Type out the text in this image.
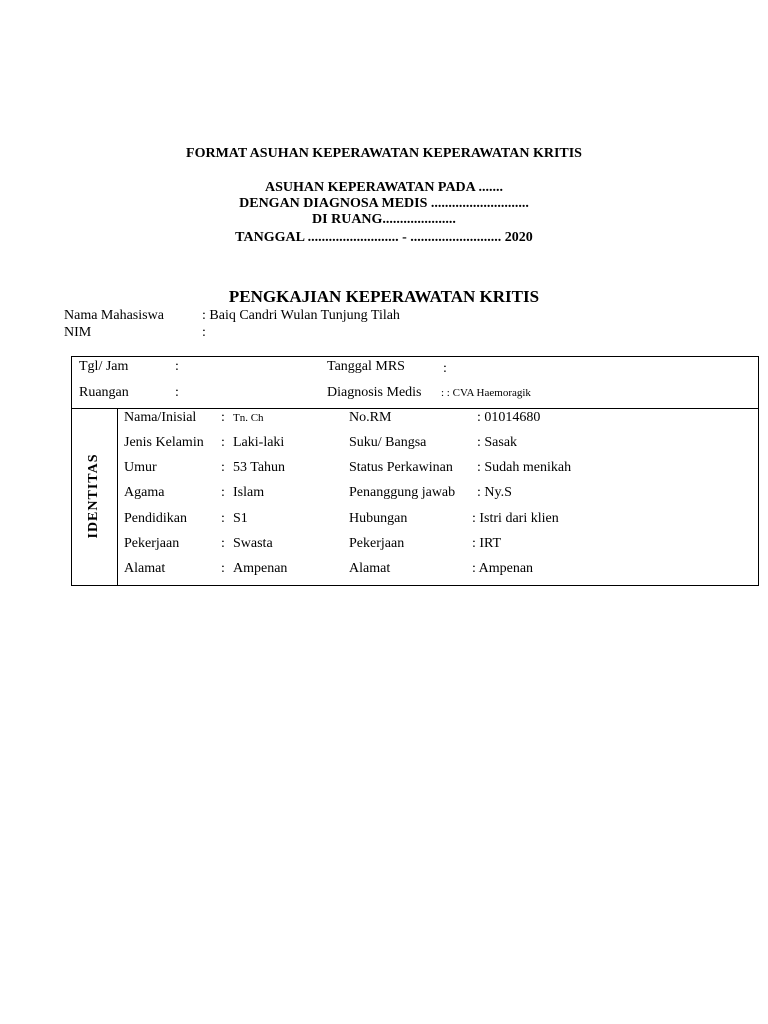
FORMAT ASUHAN KEPERAWATAN KEPERAWATAN KRITIS
ASUHAN KEPERAWATAN PADA .......
DENGAN DIAGNOSA MEDIS ............................
DI RUANG.....................
TANGGAL .......................... - .......................... 2020
PENGKAJIAN KEPERAWATAN KRITIS
Nama Mahasiswa	: Baiq Candri Wulan Tunjung Tilah
NIM	:
Tgl/ Jam	:	Tanggal MRS	:
Ruangan	:	Diagnosis Medis : : CVA Haemoragik
IDENTITAS
Nama/Inisial : Tn. Ch	No.RM	: 01014680
Jenis Kelamin : Laki-laki	Suku/ Bangsa	: Sasak
Umur	: 53 Tahun	Status Perkawinan : Sudah menikah
Agama	: Islam	Penanggung jawab : Ny.S
Pendidikan : S1	Hubungan	: Istri dari klien
Pekerjaan	: Swasta	Pekerjaan	: IRT
Alamat	: Ampenan	Alamat	: Ampenan
